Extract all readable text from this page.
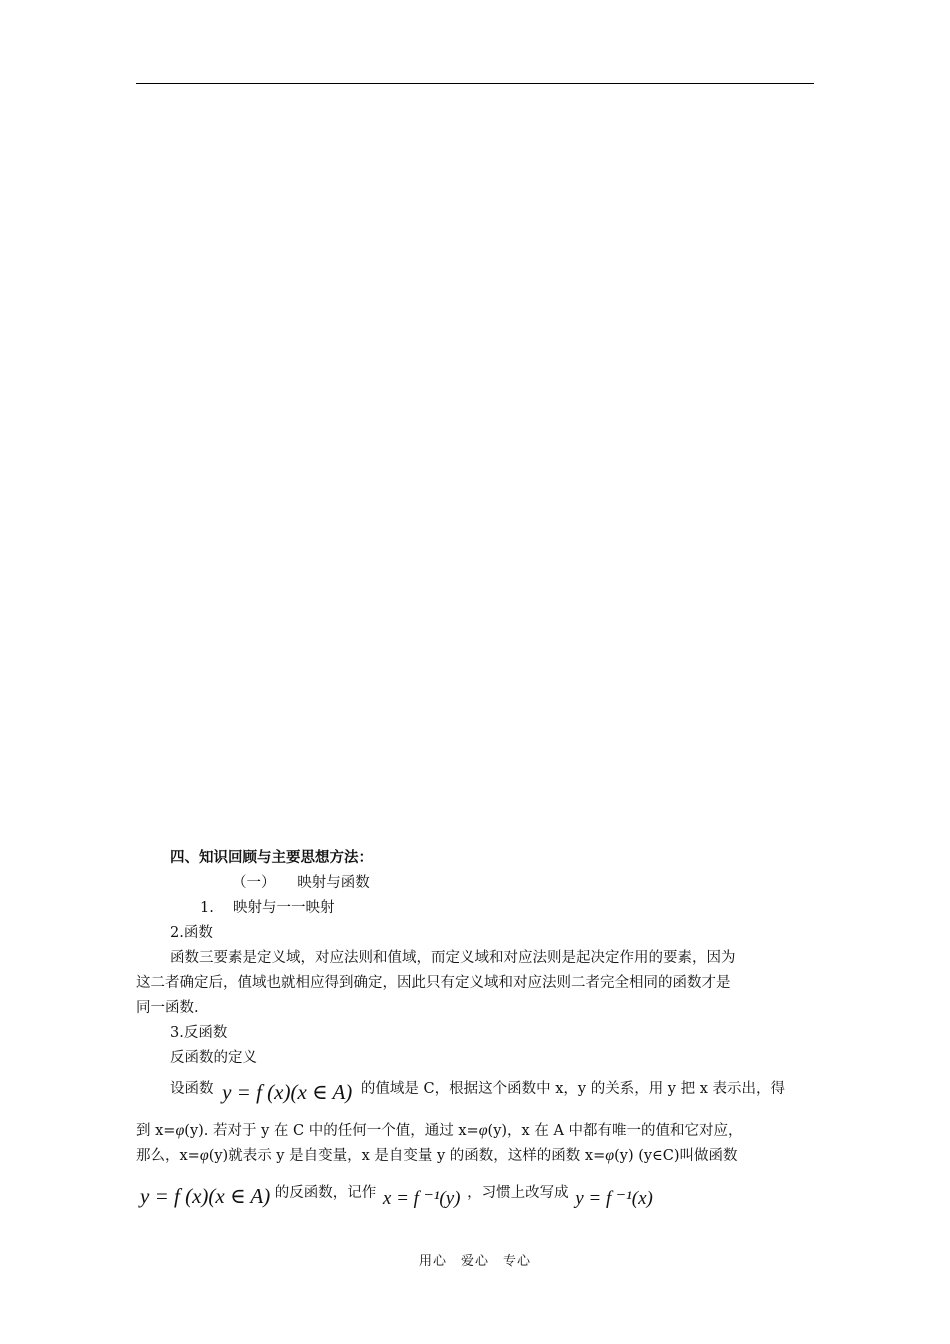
四、知识回顾与主要思想方法：
（一）　　映射与函数
1.　 映射与一一映射
2.函数
函数三要素是定义域，对应法则和值域，而定义域和对应法则是起决定作用的要素，因为
这二者确定后，值域也就相应得到确定，因此只有定义域和对应法则二者完全相同的函数才是
同一函数.
3.反函数
反函数的定义
设函数 y = f (x)(x ∈ A) 的值域是 C，根据这个函数中 x，y 的关系，用 y 把 x 表示出，得
到 x=φ(y). 若对于 y 在 C 中的任何一个值，通过 x=φ(y)，x 在 A 中都有唯一的值和它对应，
那么，x=φ(y)就表示 y 是自变量，x 是自变量 y 的函数，这样的函数 x=φ(y) (y∈C)叫做函数
y = f (x)(x ∈ A) 的反函数，记作 x = f ⁻¹(y) ，习惯上改写成 y = f ⁻¹(x)
用心　爱心　专心
